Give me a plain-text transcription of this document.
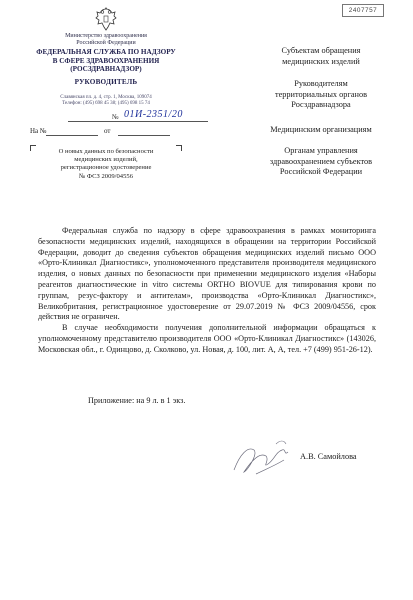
2407757
Министерство здравоохранения
Российской Федерации
ФЕДЕРАЛЬНАЯ СЛУЖБА ПО НАДЗОРУ
В СФЕРЕ ЗДРАВООХРАНЕНИЯ
(РОСЗДРАВНАДЗОР)
РУКОВОДИТЕЛЬ
Славянская пл. д. 4, стр. 1, Москва, 109074
Телефон: (495) 698 45 38; (495) 698 15 74
№ 01И-2351/20
На №	от
О новых данных по безопасности
медицинских изделий,
регистрационное удостоверение
№ ФСЗ 2009/04556
Субъектам обращения
медицинских изделий
Руководителям
территориальных органов
Росздравнадзора
Медицинским организациям
Органам управления
здравоохранением субъектов
Российской Федерации

Федеральная служба по надзору в сфере здравоохранения в рамках мониторинга безопасности медицинских изделий, находящихся в обращении на территории Российской Федерации, доводит до сведения субъектов обращения медицинских изделий письмо ООО «Орто-Клиникал Диагностикс», уполномоченного представителя производителя медицинского изделия, о новых данных по безопасности при применении медицинского изделия «Наборы реагентов диагностические in vitro системы ORTHO BIOVUE для типирования крови по группам, резус-фактору и антителам», производства «Орто-Клиникал Диагностикс», Великобритания, регистрационное удостоверение от 29.07.2019 № ФСЗ 2009/04556, срок действия не ограничен.

В случае необходимости получения дополнительной информации обращаться к уполномоченному представителю производителя ООО «Орто-Клиникал Диагностикс» (143026, Московская обл., г. Одинцово, д. Сколково, ул. Новая, д. 100, лит. А, А, тел. +7 (499) 951-26-12).

Приложение: на 9 л. в 1 экз.
А.В. Самойлова
